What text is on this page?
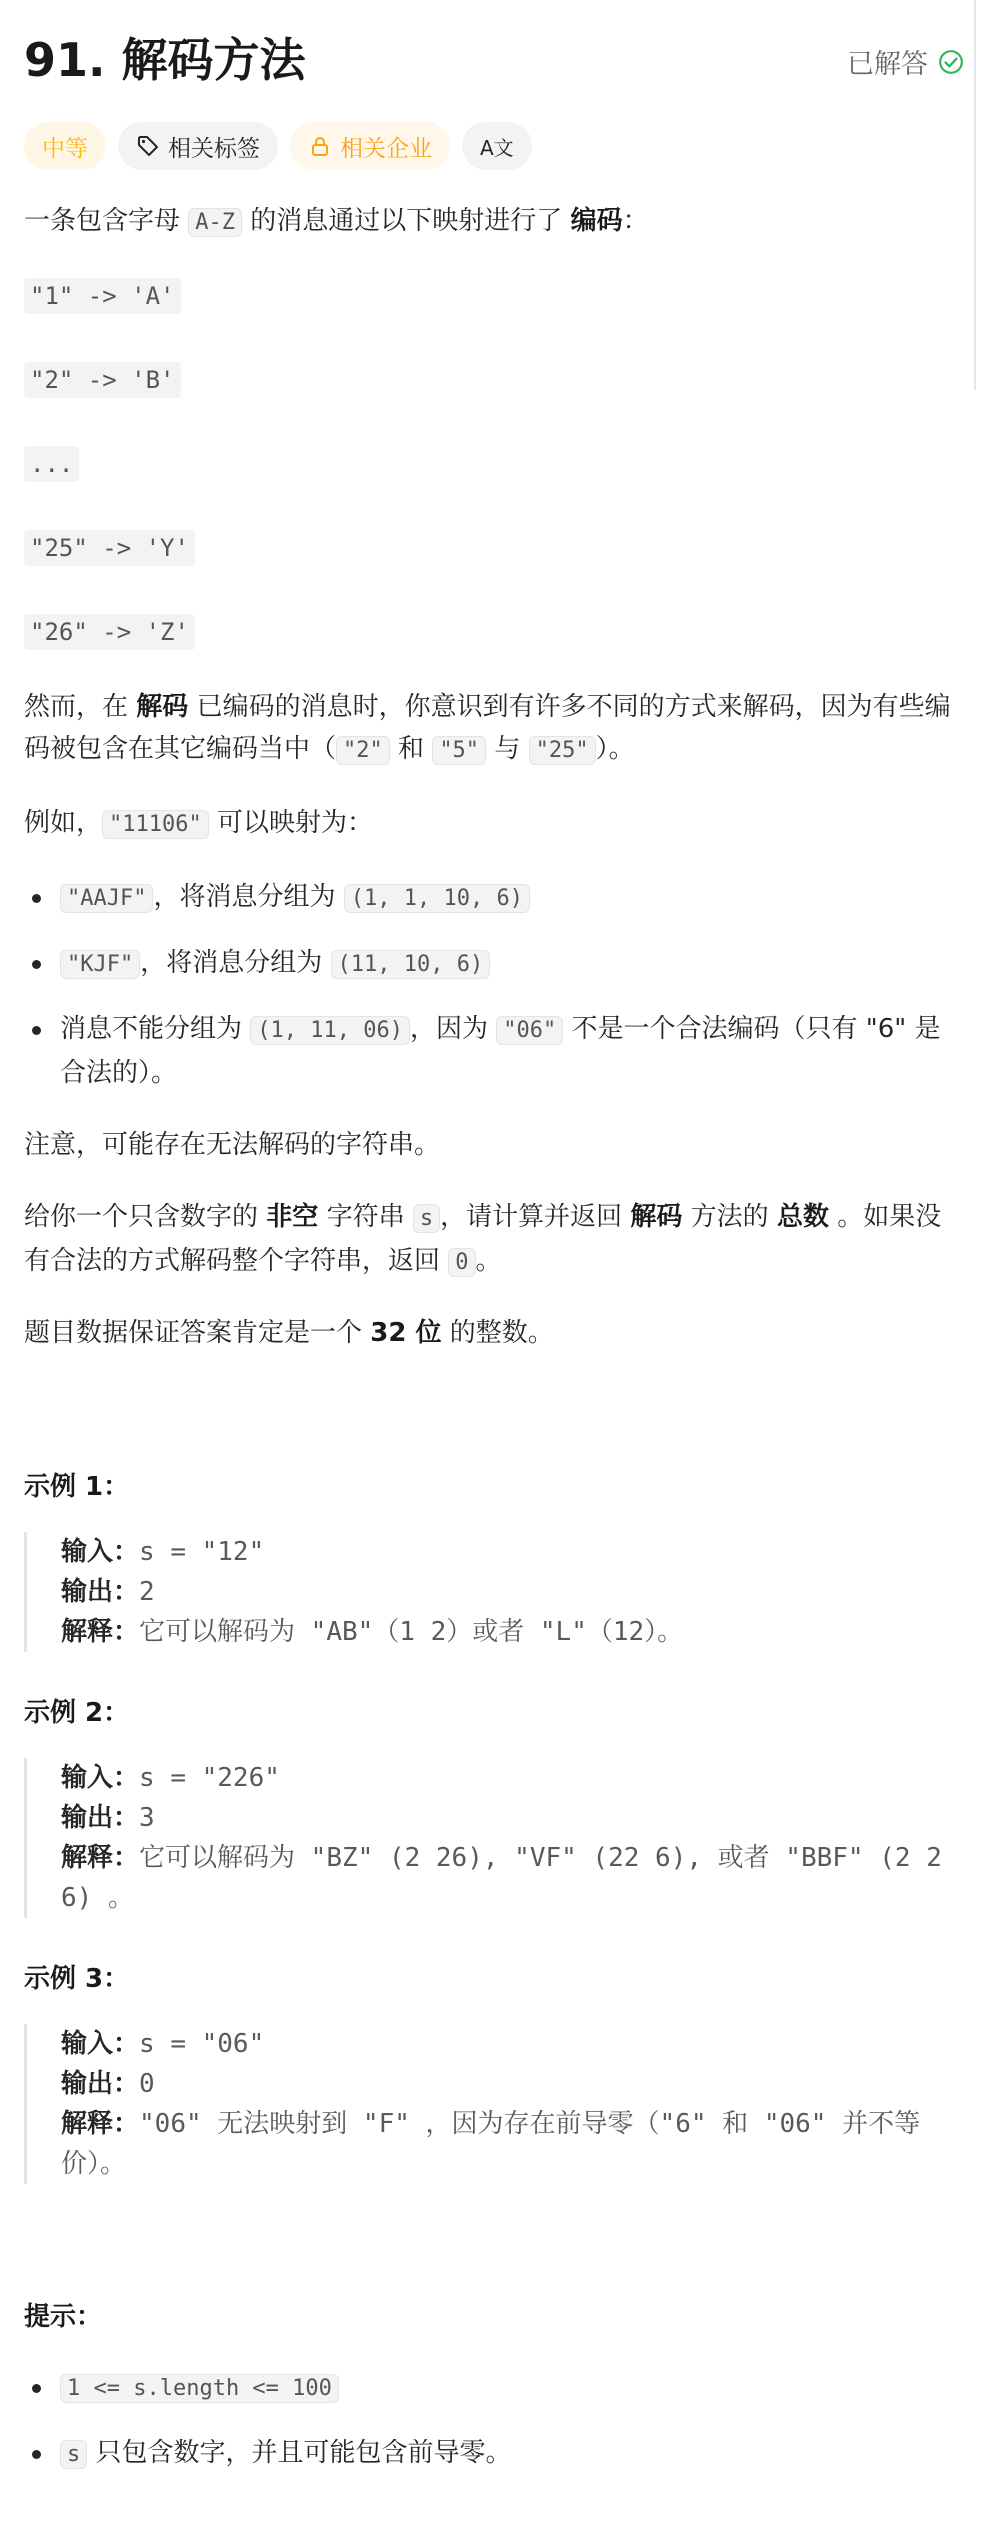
91. 解码方法	已解答
中等	相关标签	相关企业 A文
一条包含字母 A-Z 的消息通过以下映射进行了 编码：
"1" -> 'A'
"2" -> 'B'
...
"25" -> 'Y'
"26" -> 'Z'
然而，在 解码 已编码的消息时，你意识到有许多不同的方式来解码，因为有些编码被包含在其它编码当中（ "2" 和 "5" 与 "25" ）。
例如， "11106" 可以映射为：
"AAJF" ，将消息分组为 (1, 1, 10, 6)
"KJF" ，将消息分组为 (11, 10, 6)
消息不能分组为 (1, 11, 06) ，因为 "06" 不是一个合法编码（只有 "6" 是合法的）。
注意，可能存在无法解码的字符串。
给你一个只含数字的 非空 字符串 s ，请计算并返回 解码 方法的 总数 。如果没有合法的方式解码整个字符串，返回 0 。
题目数据保证答案肯定是一个 32 位 的整数。
示例 1：
输入：s = "12"
输出：2
解释：它可以解码为 "AB"（1 2）或者 "L"（12）。
示例 2：
输入：s = "226"
输出：3
解释：它可以解码为 "BZ" (2 26), "VF" (22 6), 或者 "BBF" (2 2 6) 。
示例 3：
输入：s = "06"
输出：0
解释："06" 无法映射到 "F" ，因为存在前导零（"6" 和 "06" 并不等价）。
提示：
1 <= s.length <= 100
s 只包含数字，并且可能包含前导零。
